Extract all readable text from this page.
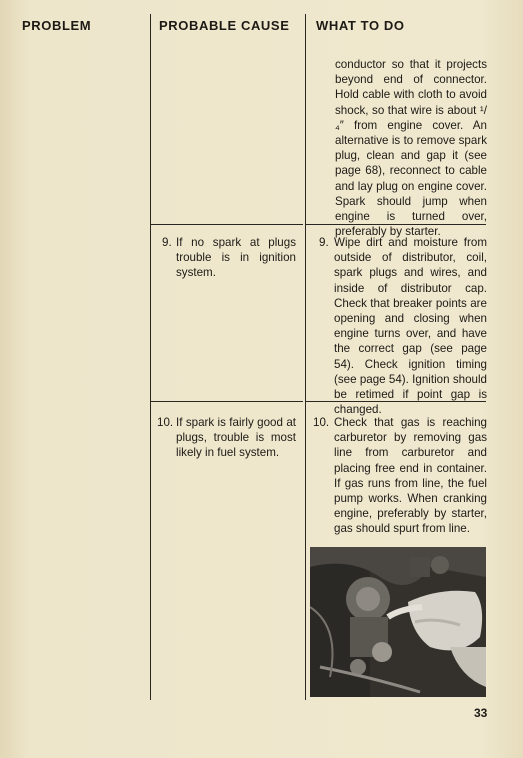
PROBLEM	PROBABLE CAUSE WHAT TO DO
conductor so that it projects beyond end of connector. Hold cable with cloth to avoid shock, so that wire is about ¹/₄″ from engine cover. An alternative is to remove spark plug, clean and gap it (see page 68), reconnect to cable and lay plug on engine cover. Spark should jump when engine is turned over, preferably by starter.
9. If no spark at plugs trouble is in ignition system.
9. Wipe dirt and moisture from outside of distributor, coil, spark plugs and wires, and inside of distributor cap. Check that breaker points are opening and closing when engine turns over, and have the correct gap (see page 54). Check ignition timing (see page 54). Ignition should be retimed if point gap is changed.
10. If spark is fairly good at plugs, trouble is most likely in fuel system.
10. Check that gas is reaching carburetor by removing gas line from carburetor and placing free end in container. If gas runs from line, the fuel pump works. When cranking engine, preferably by starter, gas should spurt from line.
33
